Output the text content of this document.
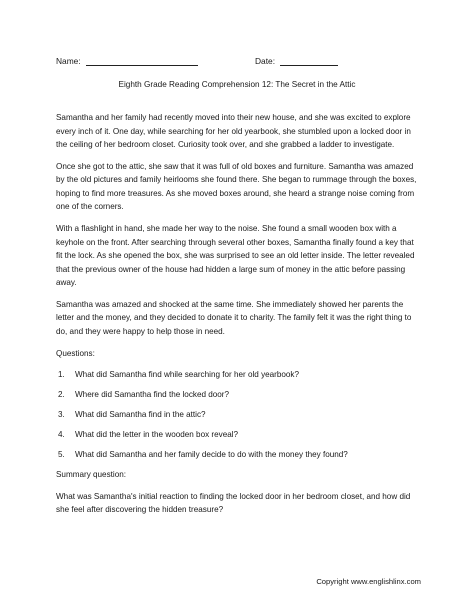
Name:	Date:
Eighth Grade Reading Comprehension 12: The Secret in the Attic

Samantha and her family had recently moved into their new house, and she was excited to explore every inch of it. One day, while searching for her old yearbook, she stumbled upon a locked door in the ceiling of her bedroom closet. Curiosity took over, and she grabbed a ladder to investigate.

Once she got to the attic, she saw that it was full of old boxes and furniture. Samantha was amazed by the old pictures and family heirlooms she found there. She began to rummage through the boxes, hoping to find more treasures. As she moved boxes around, she heard a strange noise coming from one of the corners.

With a flashlight in hand, she made her way to the noise. She found a small wooden box with a keyhole on the front. After searching through several other boxes, Samantha finally found a key that fit the lock. As she opened the box, she was surprised to see an old letter inside. The letter revealed that the previous owner of the house had hidden a large sum of money in the attic before passing away.

Samantha was amazed and shocked at the same time. She immediately showed her parents the letter and the money, and they decided to donate it to charity. The family felt it was the right thing to do, and they were happy to help those in need.

Questions:

1.	What did Samantha find while searching for her old yearbook?
2.	Where did Samantha find the locked door?
3.	What did Samantha find in the attic?
4.	What did the letter in the wooden box reveal?
5.	What did Samantha and her family decide to do with the money they found?

Summary question:

What was Samantha's initial reaction to finding the locked door in her bedroom closet, and how did she feel after discovering the hidden treasure?

Copyright www.englishlinx.com
